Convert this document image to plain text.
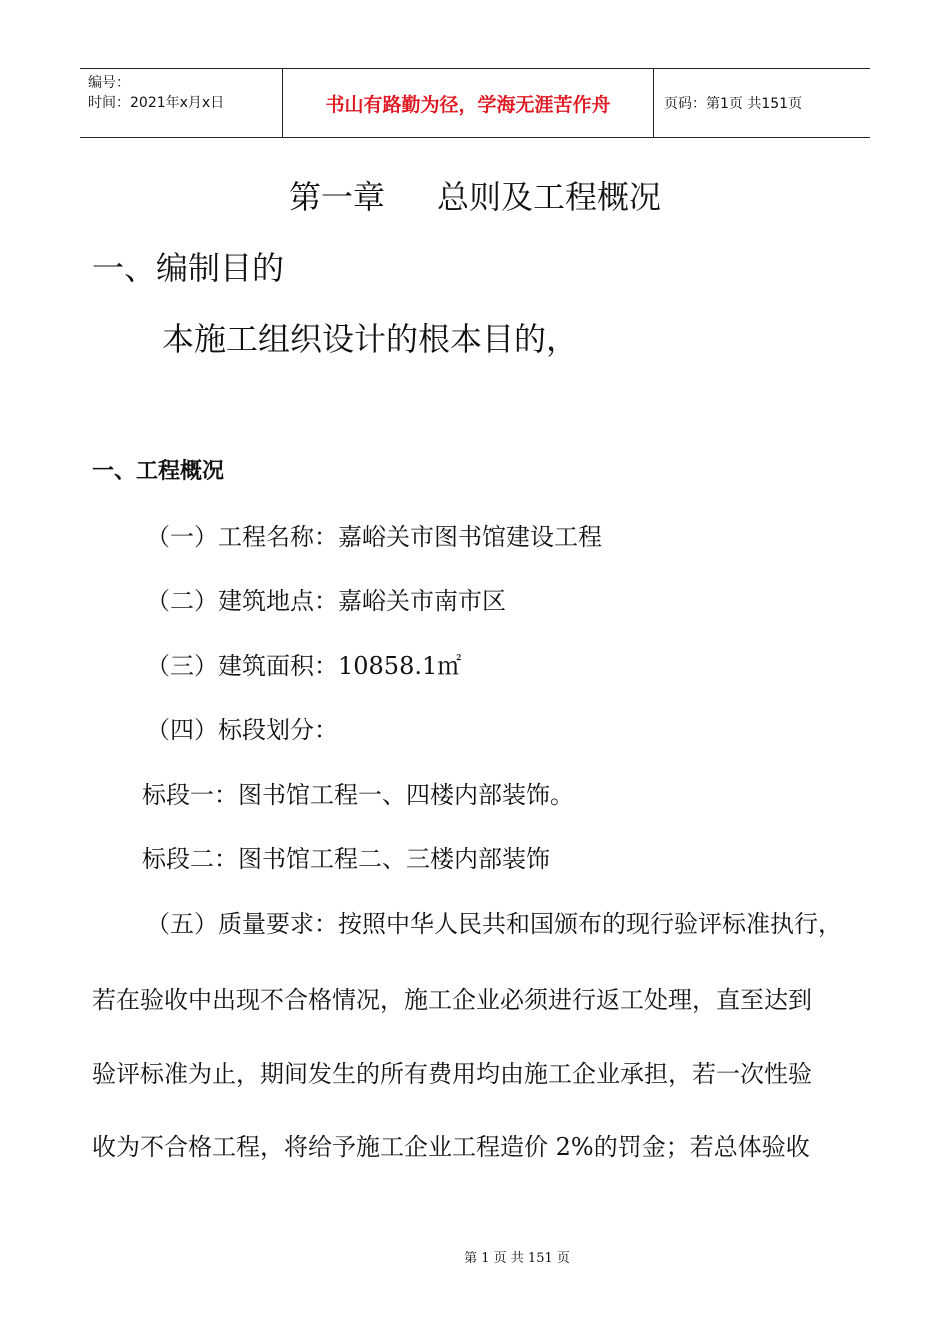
编号：
时间：2021年x月x日	书山有路勤为径，学海无涯苦作舟	页码：第1页 共151页
第一章 总则及工程概况
一、编制目的
本施工组织设计的根本目的，
一、工程概况
（一）工程名称：嘉峪关市图书馆建设工程
（二）建筑地点：嘉峪关市南市区
（三）建筑面积：10858.1㎡
（四）标段划分：
标段一：图书馆工程一、四楼内部装饰。
标段二：图书馆工程二、三楼内部装饰
（五）质量要求：按照中华人民共和国颁布的现行验评标准执行，
若在验收中出现不合格情况，施工企业必须进行返工处理，直至达到
验评标准为止，期间发生的所有费用均由施工企业承担，若一次性验
收为不合格工程，将给予施工企业工程造价 2%的罚金；若总体验收
第 1 页 共 151 页
